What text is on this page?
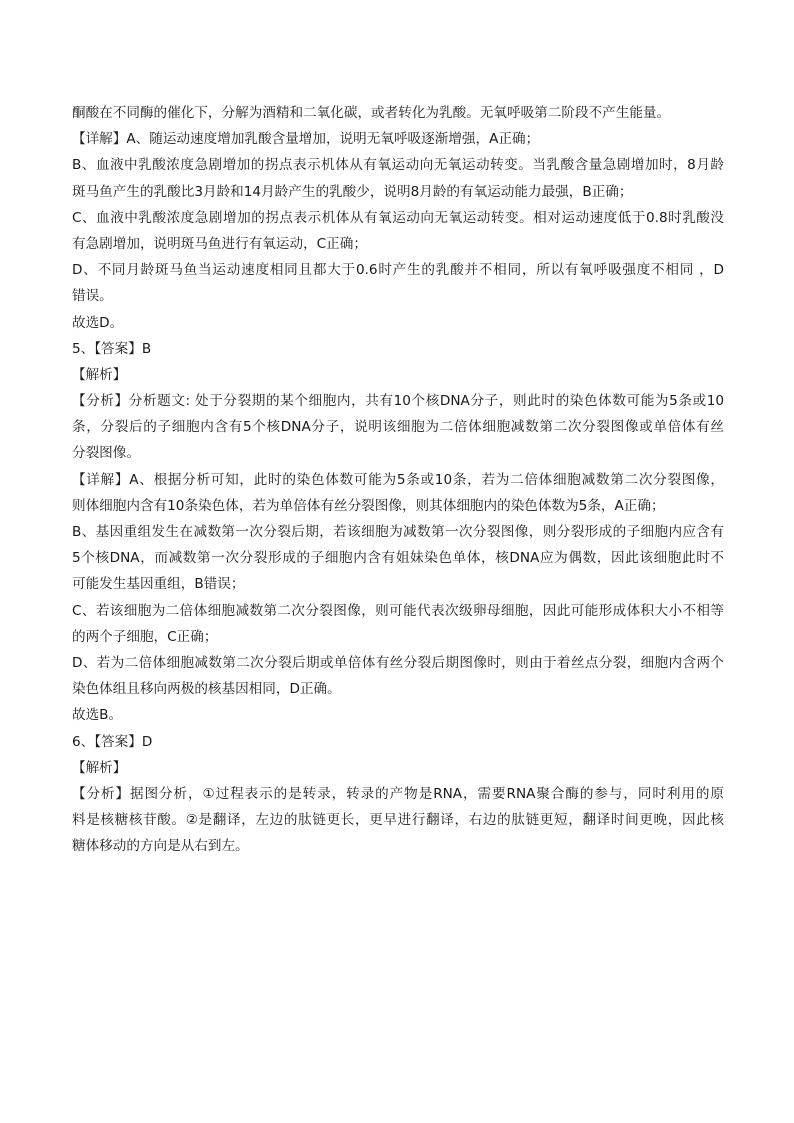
酮酸在不同酶的催化下，分解为酒精和二氧化碳，或者转化为乳酸。无氧呼吸第二阶段不产生能量。
【详解】A、随运动速度增加乳酸含量增加，说明无氧呼吸逐渐增强，A正确；
B、血液中乳酸浓度急剧增加的拐点表示机体从有氧运动向无氧运动转变。当乳酸含量急剧增加时，8月龄
斑马鱼产生的乳酸比3月龄和14月龄产生的乳酸少，说明8月龄的有氧运动能力最强，B正确；
C、血液中乳酸浓度急剧增加的拐点表示机体从有氧运动向无氧运动转变。相对运动速度低于0.8时乳酸没
有急剧增加，说明斑马鱼进行有氧运动，C正确；
D、不同月龄斑马鱼当运动速度相同且都大于0.6时产生的乳酸并不相同，所以有氧呼吸强度不相同 ，D
错误。
故选D。
5、【答案】B
【解析】
【分析】分析题文: 处于分裂期的某个细胞内，共有10个核DNA分子，则此时的染色体数可能为5条或10
条，分裂后的子细胞内含有5个核DNA分子，说明该细胞为二倍体细胞减数第二次分裂图像或单倍体有丝
分裂图像。
【详解】A、根据分析可知，此时的染色体数可能为5条或10条，若为二倍体细胞减数第二次分裂图像，
则体细胞内含有10条染色体，若为单倍体有丝分裂图像，则其体细胞内的染色体数为5条，A正确；
B、基因重组发生在减数第一次分裂后期，若该细胞为减数第一次分裂图像，则分裂形成的子细胞内应含有
5个核DNA，而减数第一次分裂形成的子细胞内含有姐妹染色单体，核DNA应为偶数，因此该细胞此时不
可能发生基因重组，B错误；
C、若该细胞为二倍体细胞减数第二次分裂图像，则可能代表次级卵母细胞，因此可能形成体积大小不相等
的两个子细胞，C正确；
D、若为二倍体细胞减数第二次分裂后期或单倍体有丝分裂后期图像时，则由于着丝点分裂，细胞内含两个
染色体组且移向两极的核基因相同，D正确。
故选B。
6、【答案】D
【解析】
【分析】据图分析，①过程表示的是转录，转录的产物是RNA，需要RNA聚合酶的参与，同时利用的原
料是核糖核苷酸。②是翻译，左边的肽链更长，更早进行翻译，右边的肽链更短，翻译时间更晚，因此核
糖体移动的方向是从右到左。
